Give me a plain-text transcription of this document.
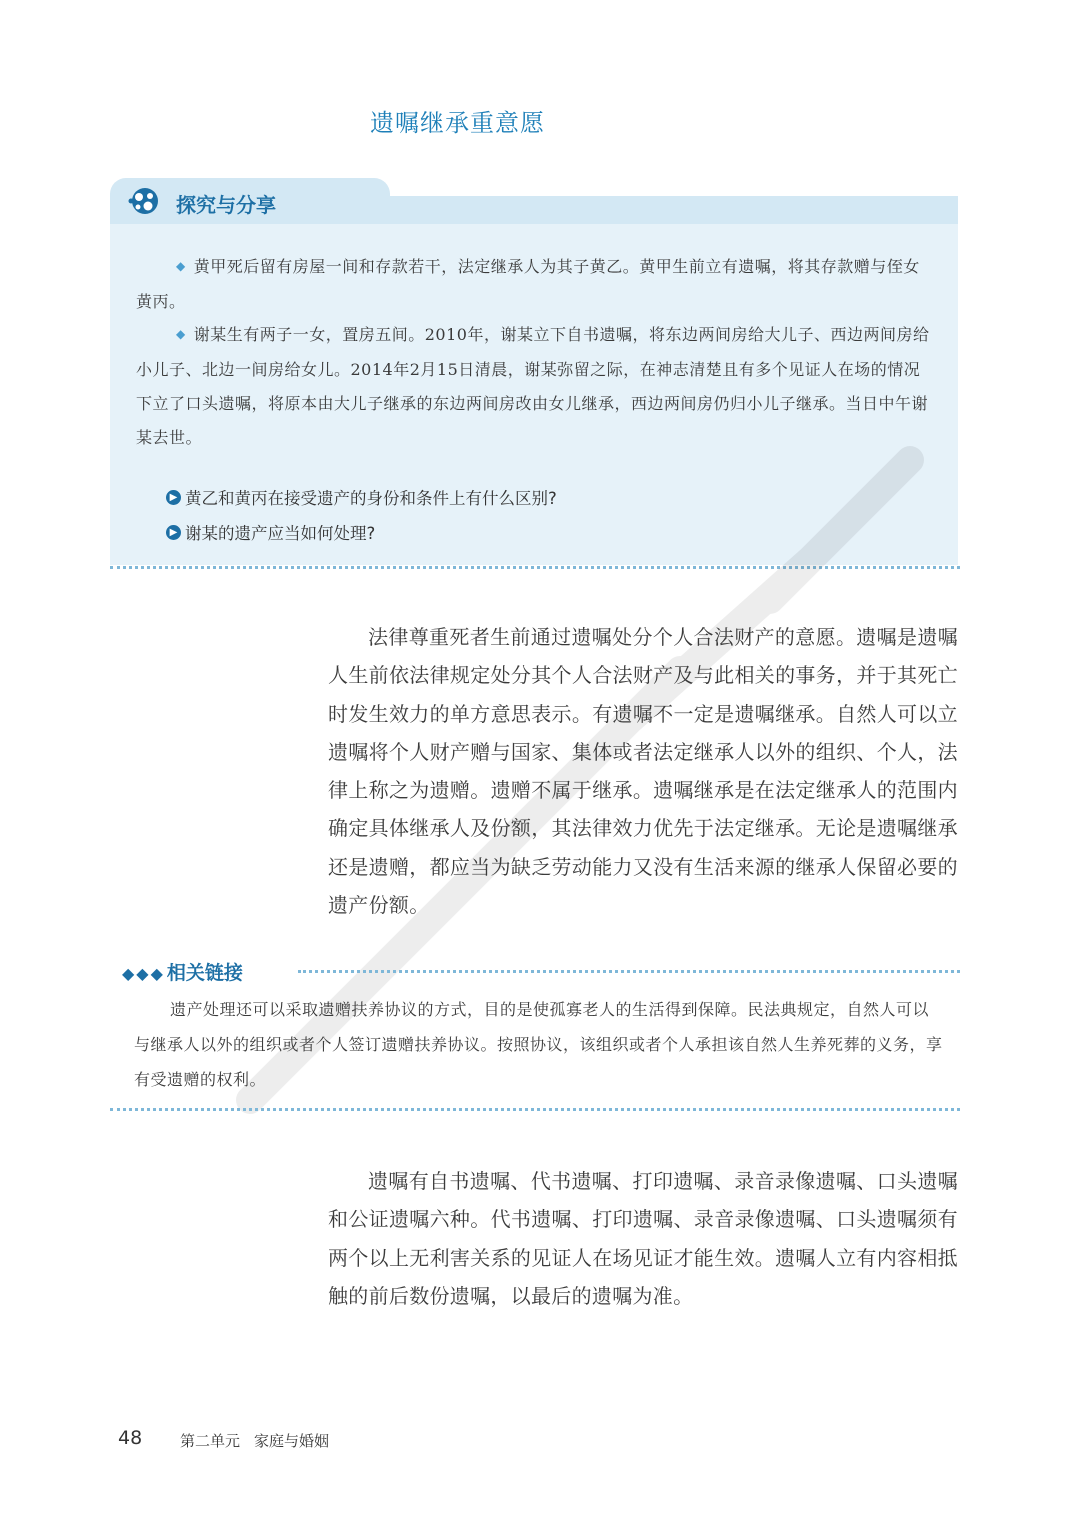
遗嘱继承重意愿
探究与分享
◆ 黄甲死后留有房屋一间和存款若干，法定继承人为其子黄乙。黄甲生前立有遗嘱，将其存款赠与侄女黄丙。
◆ 谢某生有两子一女，置房五间。2010年，谢某立下自书遗嘱，将东边两间房给大儿子、西边两间房给小儿子、北边一间房给女儿。2014年2月15日清晨，谢某弥留之际，在神志清楚且有多个见证人在场的情况下立了口头遗嘱，将原本由大儿子继承的东边两间房改由女儿继承，西边两间房仍归小儿子继承。当日中午谢某去世。
▶ 黄乙和黄丙在接受遗产的身份和条件上有什么区别?
▶ 谢某的遗产应当如何处理?
法律尊重死者生前通过遗嘱处分个人合法财产的意愿。遗嘱是遗嘱人生前依法律规定处分其个人合法财产及与此相关的事务，并于其死亡时发生效力的单方意思表示。有遗嘱不一定是遗嘱继承。自然人可以立遗嘱将个人财产赠与国家、集体或者法定继承人以外的组织、个人，法律上称之为遗赠。遗赠不属于继承。遗嘱继承是在法定继承人的范围内确定具体继承人及份额，其法律效力优先于法定继承。无论是遗嘱继承还是遗赠，都应当为缺乏劳动能力又没有生活来源的继承人保留必要的遗产份额。
◆◆◆ 相关链接
遗产处理还可以采取遗赠扶养协议的方式，目的是使孤寡老人的生活得到保障。民法典规定，自然人可以与继承人以外的组织或者个人签订遗赠扶养协议。按照协议，该组织或者个人承担该自然人生养死葬的义务，享有受遗赠的权利。
遗嘱有自书遗嘱、代书遗嘱、打印遗嘱、录音录像遗嘱、口头遗嘱和公证遗嘱六种。代书遗嘱、打印遗嘱、录音录像遗嘱、口头遗嘱须有两个以上无利害关系的见证人在场见证才能生效。遗嘱人立有内容相抵触的前后数份遗嘱，以最后的遗嘱为准。
48	第二单元 家庭与婚姻
